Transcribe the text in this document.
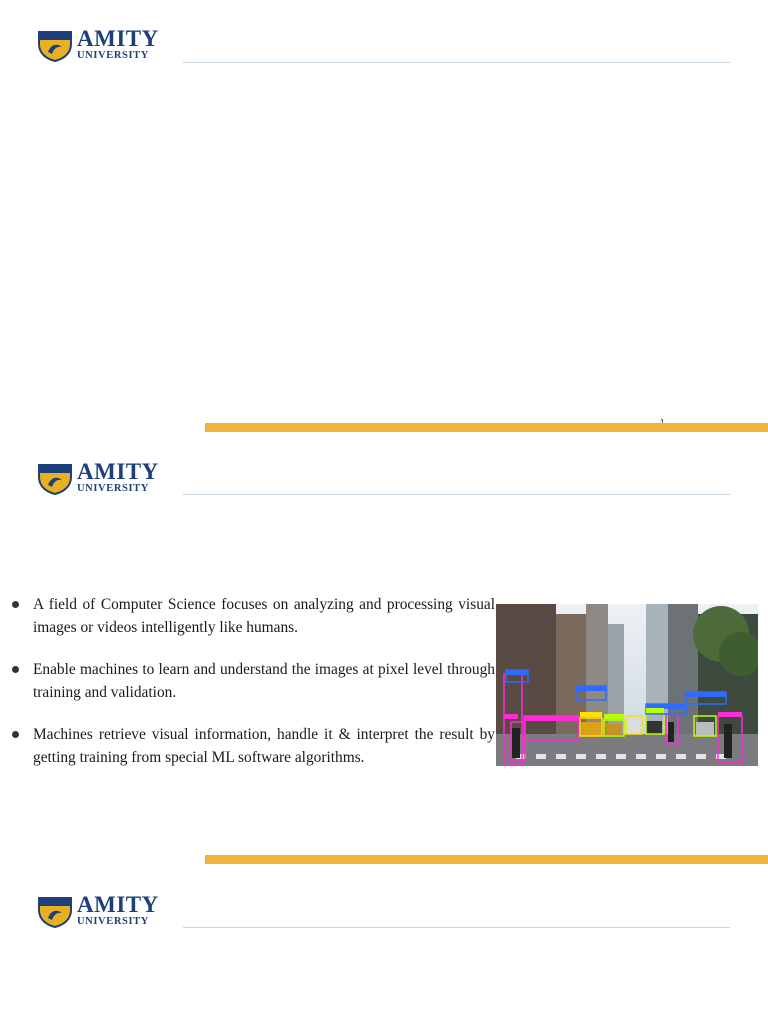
AMITY
UNIVERSITY
AMITY
UNIVERSITY
A field of Computer Science focuses on analyzing and processing visual images or videos intelligently like humans.
Enable machines to learn and understand the images at pixel level through training and validation.
Machines retrieve visual information, handle it & interpret the result by getting training from special ML software algorithms.
AMITY
UNIVERSITY
